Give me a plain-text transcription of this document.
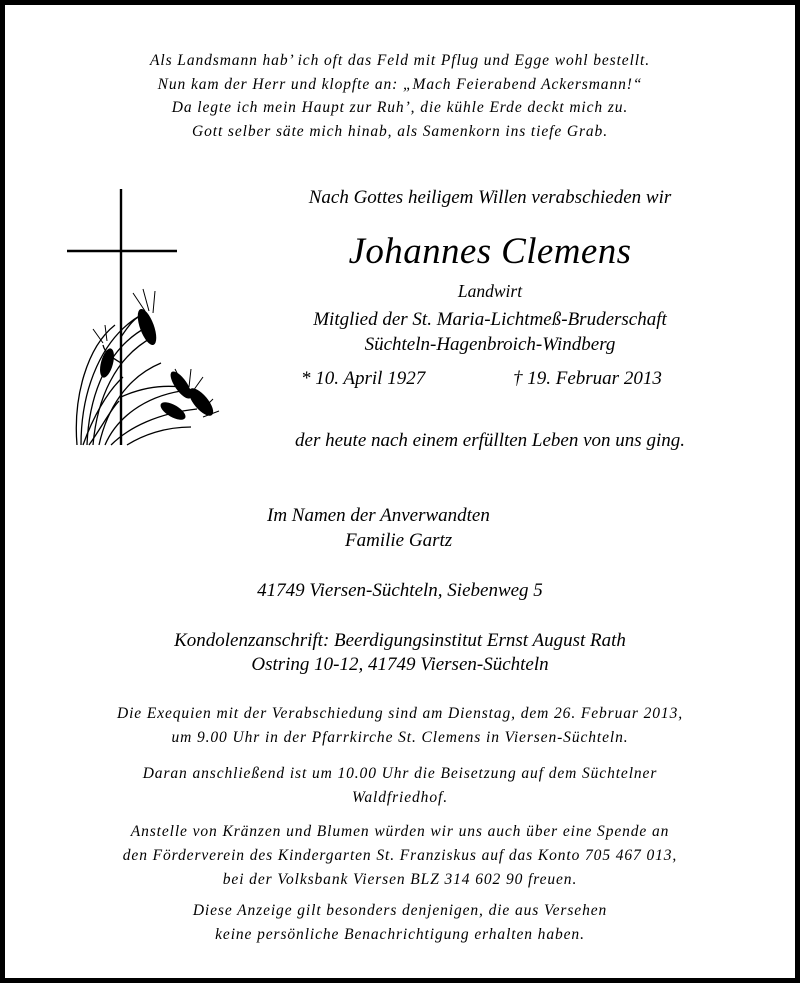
Als Landsmann hab’ ich oft das Feld mit Pflug und Egge wohl bestellt.
Nun kam der Herr und klopfte an: „Mach Feierabend Ackersmann!“
Da legte ich mein Haupt zur Ruh’, die kühle Erde deckt mich zu.
Gott selber säte mich hinab, als Samenkorn ins tiefe Grab.
Nach Gottes heiligem Willen verabschieden wir
Johannes Clemens
Landwirt
Mitglied der St. Maria-Lichtmeß-Bruderschaft
Süchteln-Hagenbroich-Windberg
* 10. April 1927	† 19. Februar 2013
der heute nach einem erfüllten Leben von uns ging.
Im Namen der Anverwandten
Familie Gartz
41749 Viersen-Süchteln, Siebenweg 5
Kondolenzanschrift: Beerdigungsinstitut Ernst August Rath
Ostring 10-12, 41749 Viersen-Süchteln
Die Exequien mit der Verabschiedung sind am Dienstag, dem 26. Februar 2013,
um 9.00 Uhr in der Pfarrkirche St. Clemens in Viersen-Süchteln.
Daran anschließend ist um 10.00 Uhr die Beisetzung auf dem Süchtelner
Waldfriedhof.
Anstelle von Kränzen und Blumen würden wir uns auch über eine Spende an
den Förderverein des Kindergarten St. Franziskus auf das Konto 705 467 013,
bei der Volksbank Viersen BLZ 314 602 90 freuen.
Diese Anzeige gilt besonders denjenigen, die aus Versehen
keine persönliche Benachrichtigung erhalten haben.
